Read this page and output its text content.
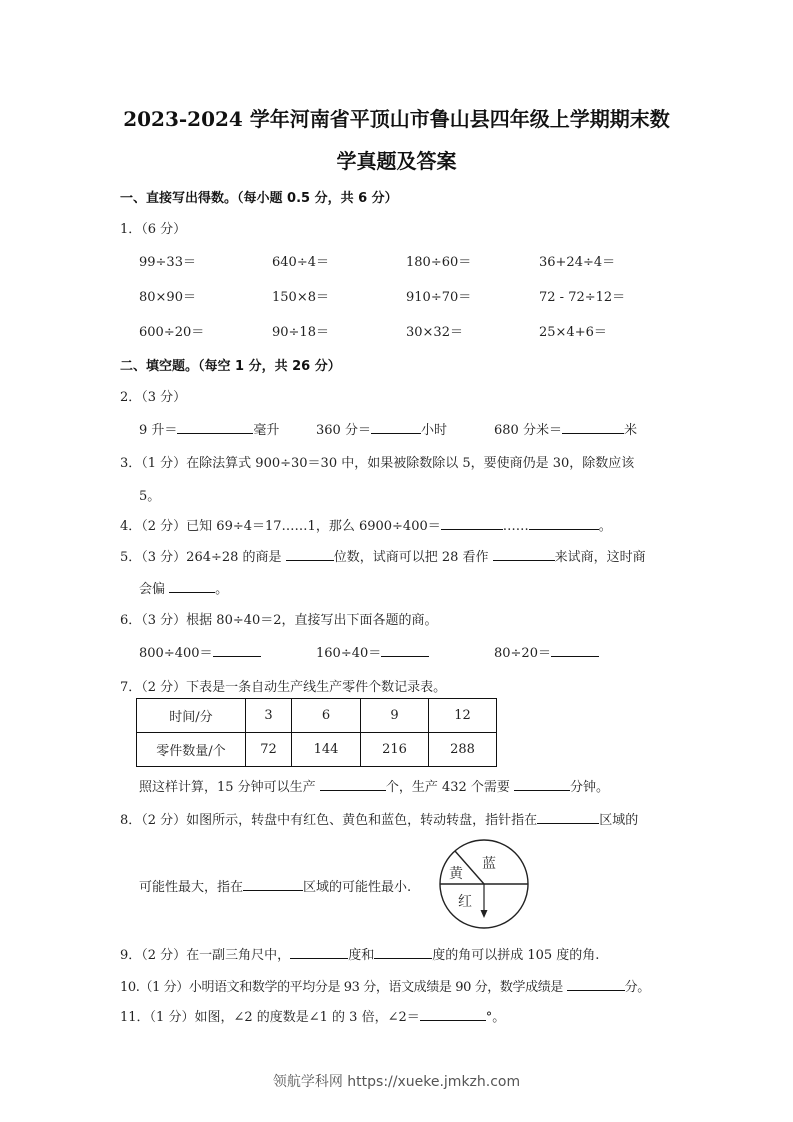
2023-2024 学年河南省平顶山市鲁山县四年级上学期期末数
学真题及答案
一、直接写出得数。（每小题 0.5 分，共 6 分）
1．（6 分）
99÷33＝	640÷4＝	180÷60＝	36+24÷4＝
80×90＝	150×8＝	910÷70＝	72 - 72÷12＝
600÷20＝	90÷18＝	30×32＝	25×4+6＝
二、填空题。（每空 1 分，共 26 分）
2．（3 分）
9 升＝	毫升	360 分＝	小时	680 分米＝	米
3．（1 分）在除法算式 900÷30＝30 中，如果被除数除以 5，要使商仍是 30，除数应该
5。
4．（2 分）已知 69÷4＝17……1，那么 6900÷400＝	……	。
5．（3 分）264÷28 的商是	位数，试商可以把 28 看作	来试商，这时商
会偏	。
6．（3 分）根据 80÷40＝2，直接写出下面各题的商。
800÷400＝	160÷40＝	80÷20＝
7．（2 分）下表是一条自动生产线生产零件个数记录表。
时间/分	3	6	9	12
零件数量/个	72	144	216	288
照这样计算，15 分钟可以生产	个，生产 432 个需要	分钟。
8．（2 分）如图所示，转盘中有红色、黄色和蓝色，转动转盘，指针指在	区域的
可能性最大，指在	区域的可能性最小.
黄
蓝
红
9．（2 分）在一副三角尺中，	度和	度的角可以拼成 105 度的角.
10.（1 分）小明语文和数学的平均分是 93 分，语文成绩是 90 分，数学成绩是	分。
11．（1 分）如图，∠2 的度数是∠1 的 3 倍，∠2＝	°。
领航学科网 https://xueke.jmkzh.com
